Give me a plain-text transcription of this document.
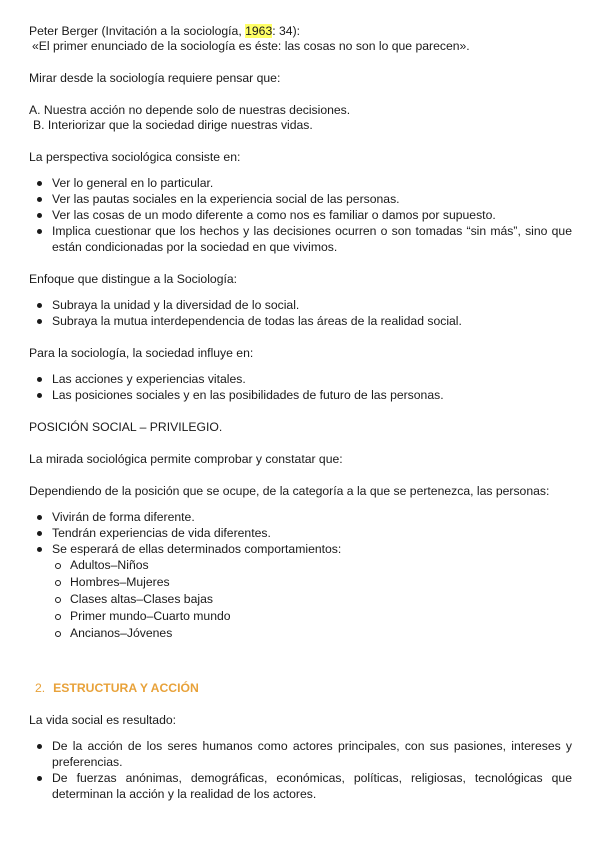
Peter Berger (Invitación a la sociología, 1963: 34):

«El primer enunciado de la sociología es éste: las cosas no son lo que parecen».

Mirar desde la sociología requiere pensar que:

A. Nuestra acción no depende solo de nuestras decisiones.

B. Interiorizar que la sociedad dirige nuestras vidas.

La perspectiva sociológica consiste en:

Ver lo general en lo particular.
Ver las pautas sociales en la experiencia social de las personas.
Ver las cosas de un modo diferente a como nos es familiar o damos por supuesto.
Implica cuestionar que los hechos y las decisiones ocurren o son tomadas “sin más”, sino que están condicionadas por la sociedad en que vivimos.

Enfoque que distingue a la Sociología:

Subraya la unidad y la diversidad de lo social.
Subraya la mutua interdependencia de todas las áreas de la realidad social.

Para la sociología, la sociedad influye en:

Las acciones y experiencias vitales.
Las posiciones sociales y en las posibilidades de futuro de las personas.

POSICIÓN SOCIAL – PRIVILEGIO.

La mirada sociológica permite comprobar y constatar que:

Dependiendo de la posición que se ocupe, de la categoría a la que se pertenezca, las personas:

Vivirán de forma diferente.
Tendrán experiencias de vida diferentes.
Se esperará de ellas determinados comportamientos:
Adultos–Niños
Hombres–Mujeres
Clases altas–Clases bajas
Primer mundo–Cuarto mundo
Ancianos–Jóvenes

2. ESTRUCTURA Y ACCIÓN

La vida social es resultado:

De la acción de los seres humanos como actores principales, con sus pasiones, intereses y preferencias.
De fuerzas anónimas, demográficas, económicas, políticas, religiosas, tecnológicas que determinan la acción y la realidad de los actores.
